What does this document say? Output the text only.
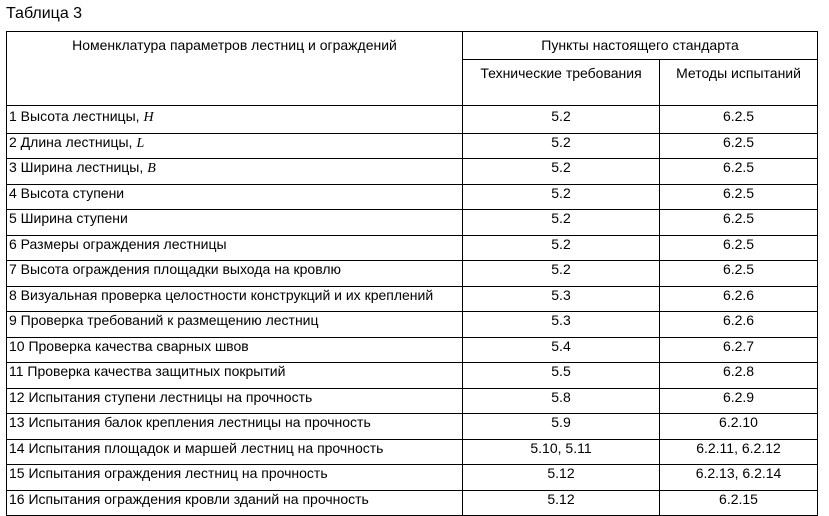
Таблица 3
Номенклатура параметров лестниц и ограждений	Пункты настоящего стандарта	
	Технические требования	Методы испытаний
1 Высота лестницы, H	5.2	6.2.5
2 Длина лестницы, L	5.2	6.2.5
3 Ширина лестницы, B	5.2	6.2.5
4 Высота ступени	5.2	6.2.5
5 Ширина ступени	5.2	6.2.5
6 Размеры ограждения лестницы	5.2	6.2.5
7 Высота ограждения площадки выхода на кровлю	5.2	6.2.5
8 Визуальная проверка целостности конструкций и их креплений	5.3	6.2.6
9 Проверка требований к размещению лестниц	5.3	6.2.6
10 Проверка качества сварных швов	5.4	6.2.7
11 Проверка качества защитных покрытий	5.5	6.2.8
12 Испытания ступени лестницы на прочность	5.8	6.2.9
13 Испытания балок крепления лестницы на прочность	5.9	6.2.10
14 Испытания площадок и маршей лестниц на прочность	5.10, 5.11	6.2.11, 6.2.12
15 Испытания ограждения лестниц на прочность	5.12	6.2.13, 6.2.14
16 Испытания ограждения кровли зданий на прочность	5.12	6.2.15
